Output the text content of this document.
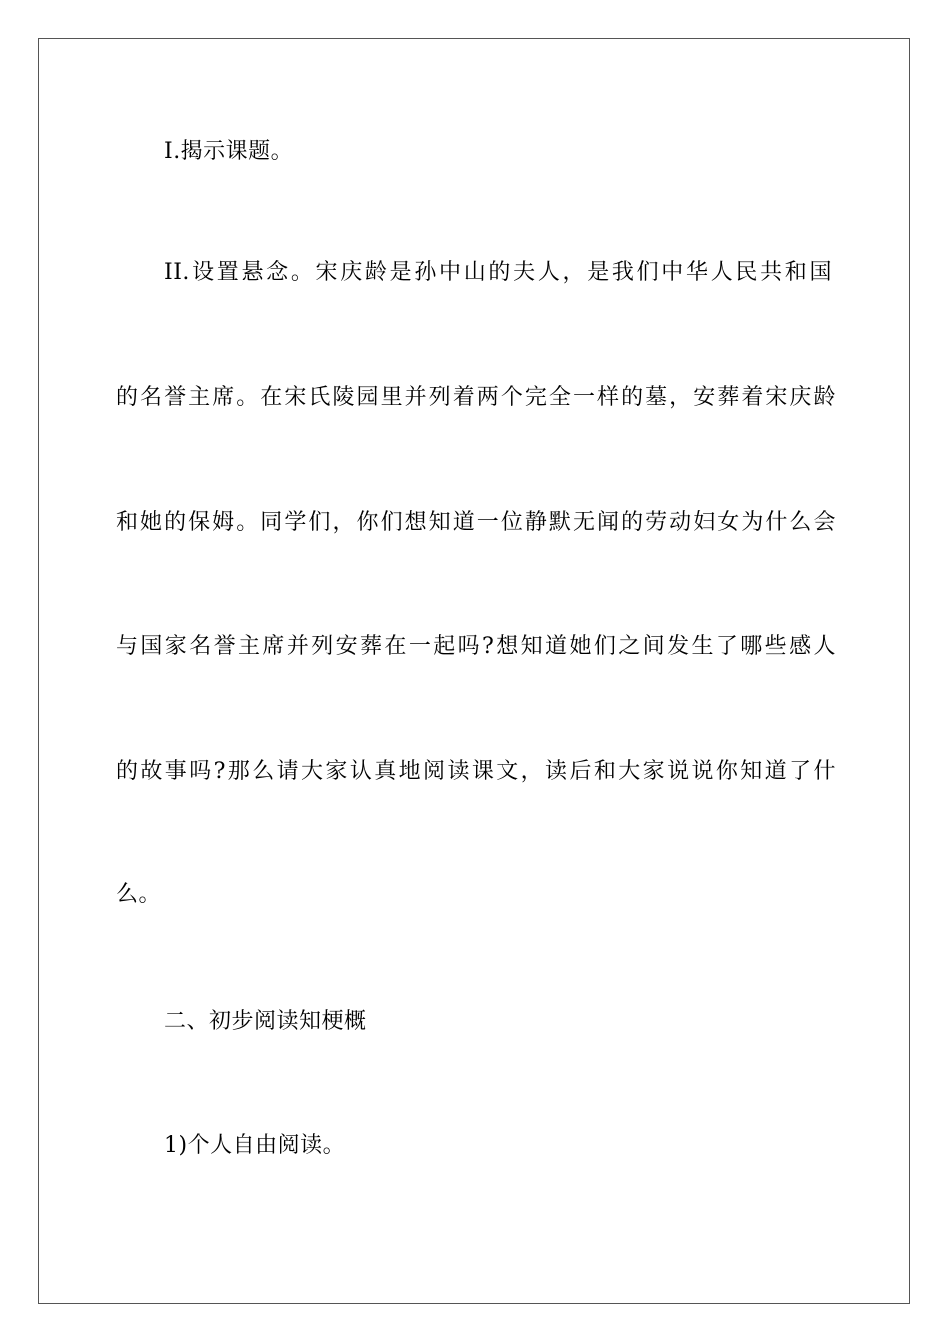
I.揭示课题。
II.设置悬念。宋庆龄是孙中山的夫人，是我们中华人民共和国
的名誉主席。在宋氏陵园里并列着两个完全一样的墓，安葬着宋庆龄
和她的保姆。同学们，你们想知道一位静默无闻的劳动妇女为什么会
与国家名誉主席并列安葬在一起吗?想知道她们之间发生了哪些感人
的故事吗?那么请大家认真地阅读课文，读后和大家说说你知道了什
么。
二、初步阅读知梗概
1)个人自由阅读。
